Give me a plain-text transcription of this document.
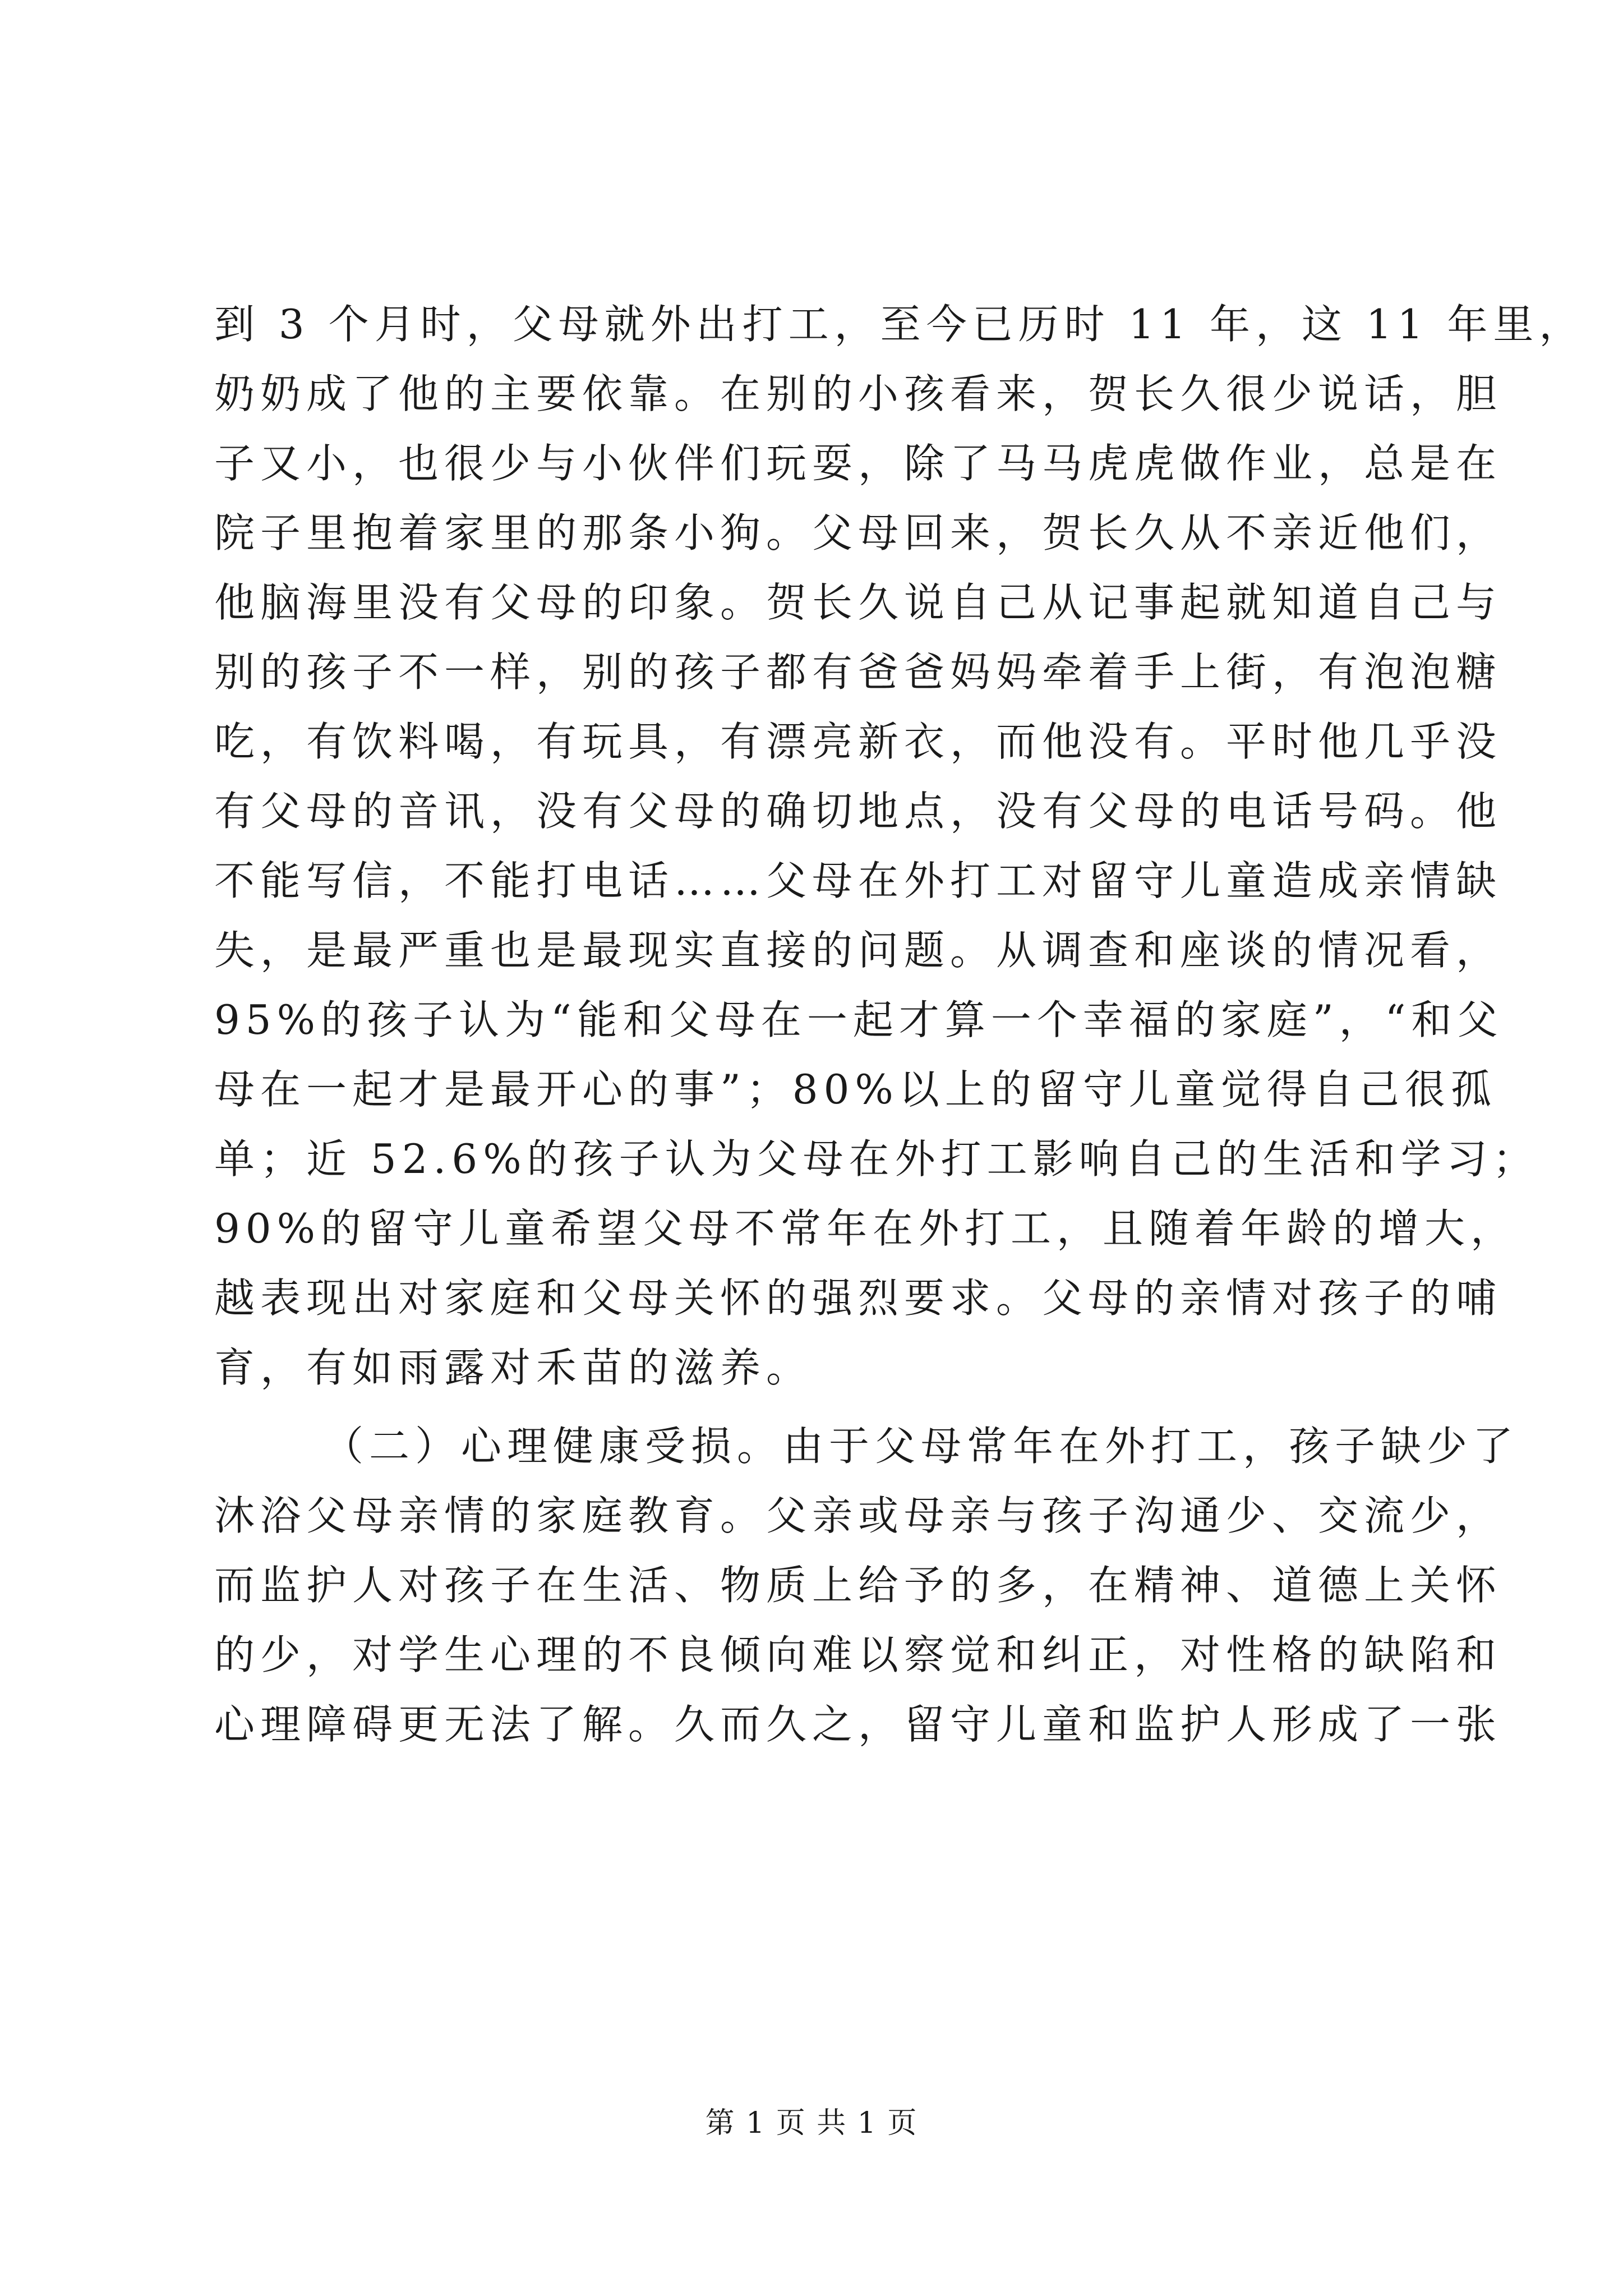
到 3 个月时，父母就外出打工，至今已历时 11 年，这 11 年里，
奶奶成了他的主要依靠。在别的小孩看来，贺长久很少说话，胆
子又小，也很少与小伙伴们玩耍，除了马马虎虎做作业，总是在
院子里抱着家里的那条小狗。父母回来，贺长久从不亲近他们，
他脑海里没有父母的印象。贺长久说自己从记事起就知道自己与
别的孩子不一样，别的孩子都有爸爸妈妈牵着手上街，有泡泡糖
吃，有饮料喝，有玩具，有漂亮新衣，而他没有。平时他几乎没
有父母的音讯，没有父母的确切地点，没有父母的电话号码。他
不能写信，不能打电话……父母在外打工对留守儿童造成亲情缺
失，是最严重也是最现实直接的问题。从调查和座谈的情况看，
95%的孩子认为“能和父母在一起才算一个幸福的家庭”，“和父
母在一起才是最开心的事”；80%以上的留守儿童觉得自己很孤
单；近 52.6%的孩子认为父母在外打工影响自己的生活和学习；
90%的留守儿童希望父母不常年在外打工，且随着年龄的增大，
越表现出对家庭和父母关怀的强烈要求。父母的亲情对孩子的哺
育，有如雨露对禾苗的滋养。
（二）心理健康受损。由于父母常年在外打工，孩子缺少了
沐浴父母亲情的家庭教育。父亲或母亲与孩子沟通少、交流少，
而监护人对孩子在生活、物质上给予的多，在精神、道德上关怀
的少，对学生心理的不良倾向难以察觉和纠正，对性格的缺陷和
心理障碍更无法了解。久而久之，留守儿童和监护人形成了一张
第 1 页 共 1 页
